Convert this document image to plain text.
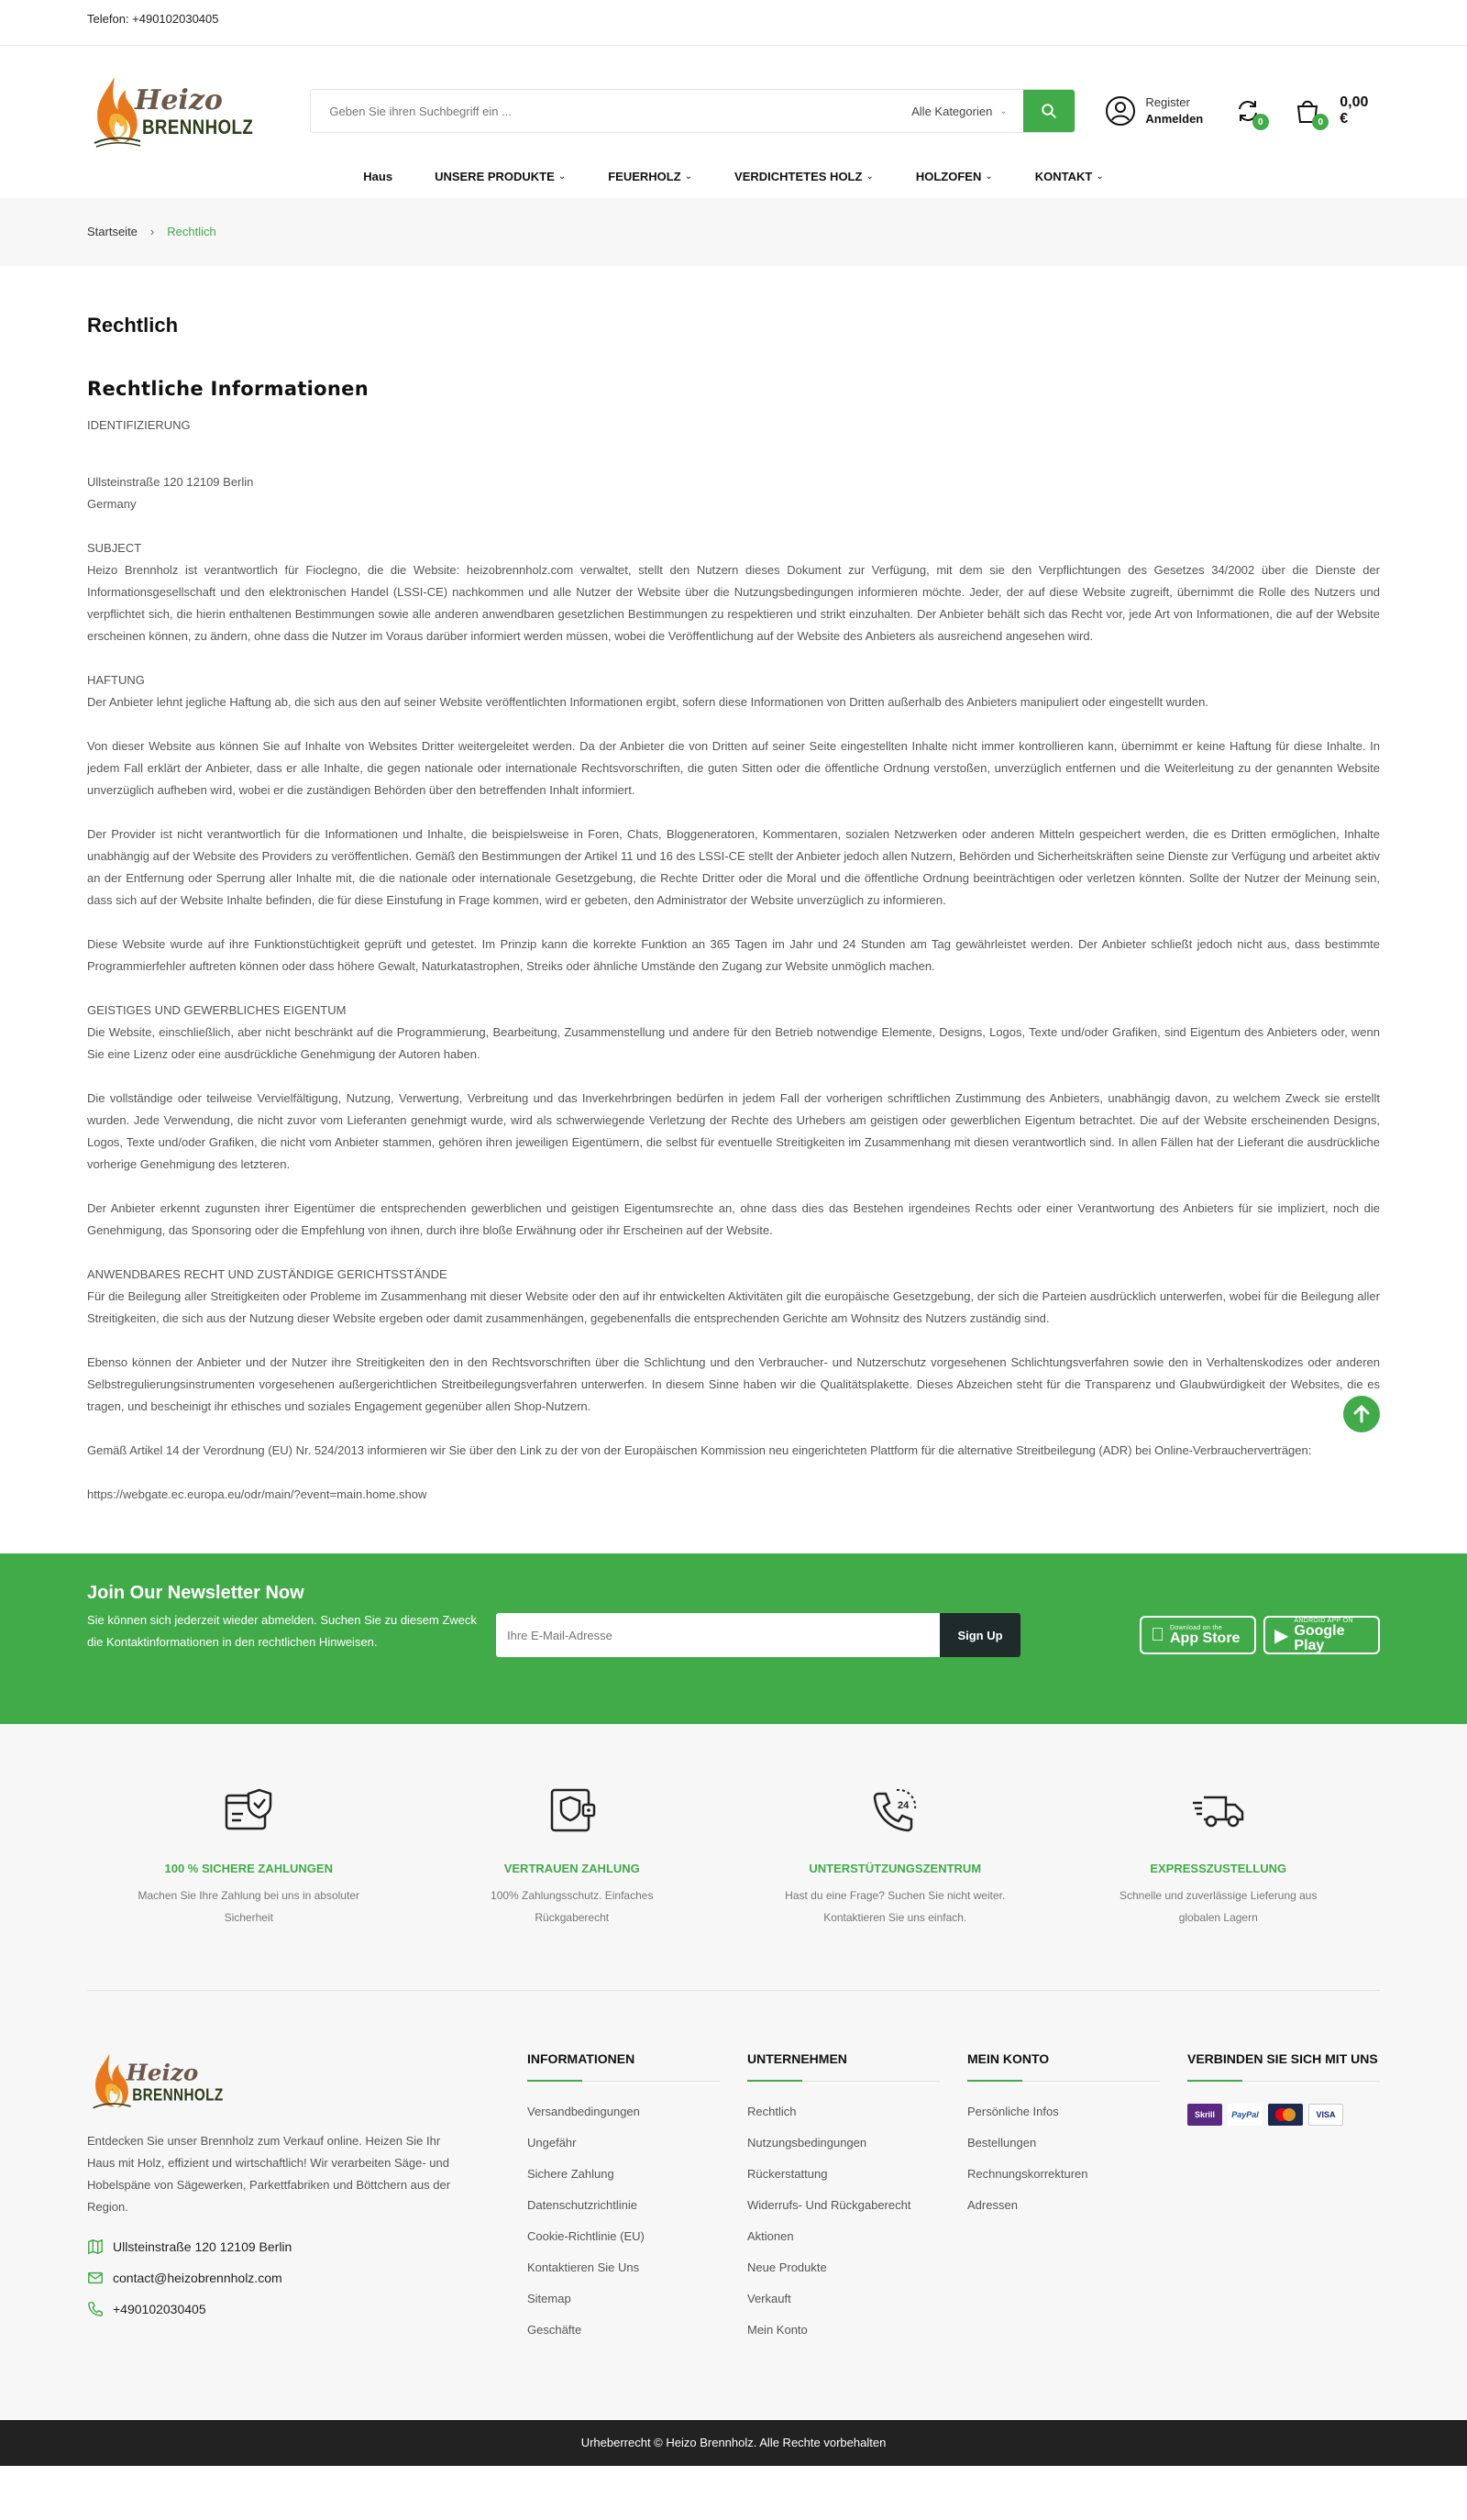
Telefon: +490102030405
Heizo
BRENNHOLZ
Geben Sie ihren Suchbegriff ein ...
Alle Kategorien ⌄
Register
Anmelden	0	0
0,00 €
Haus	UNSERE PRODUKTE ⌄	FEUERHOLZ ⌄	VERDICHTETES HOLZ ⌄	HOLZOFEN ⌄	KONTAKT ⌄
Startseite › Rechtlich
Rechtlich
Rechtliche Informationen
IDENTIFIZIERUNG
Ullsteinstraße 120 12109 Berlin
Germany
SUBJECT
Heizo Brennholz ist verantwortlich für Fioclegno, die die Website: heizobrennholz.com verwaltet, stellt den Nutzern dieses Dokument zur Verfügung, mit dem sie den Verpflichtungen des Gesetzes 34/2002 über die Dienste der Informationsgesellschaft und den elektronischen Handel (LSSI-CE) nachkommen und alle Nutzer der Website über die Nutzungsbedingungen informieren möchte. Jeder, der auf diese Website zugreift, übernimmt die Rolle des Nutzers und verpflichtet sich, die hierin enthaltenen Bestimmungen sowie alle anderen anwendbaren gesetzlichen Bestimmungen zu respektieren und strikt einzuhalten. Der Anbieter behält sich das Recht vor, jede Art von Informationen, die auf der Website erscheinen können, zu ändern, ohne dass die Nutzer im Voraus darüber informiert werden müssen, wobei die Veröffentlichung auf der Website des Anbieters als ausreichend angesehen wird.
HAFTUNG
Der Anbieter lehnt jegliche Haftung ab, die sich aus den auf seiner Website veröffentlichten Informationen ergibt, sofern diese Informationen von Dritten außerhalb des Anbieters manipuliert oder eingestellt wurden.
Von dieser Website aus können Sie auf Inhalte von Websites Dritter weitergeleitet werden. Da der Anbieter die von Dritten auf seiner Seite eingestellten Inhalte nicht immer kontrollieren kann, übernimmt er keine Haftung für diese Inhalte. In jedem Fall erklärt der Anbieter, dass er alle Inhalte, die gegen nationale oder internationale Rechtsvorschriften, die guten Sitten oder die öffentliche Ordnung verstoßen, unverzüglich entfernen und die Weiterleitung zu der genannten Website unverzüglich aufheben wird, wobei er die zuständigen Behörden über den betreffenden Inhalt informiert.
Der Provider ist nicht verantwortlich für die Informationen und Inhalte, die beispielsweise in Foren, Chats, Bloggeneratoren, Kommentaren, sozialen Netzwerken oder anderen Mitteln gespeichert werden, die es Dritten ermöglichen, Inhalte unabhängig auf der Website des Providers zu veröffentlichen. Gemäß den Bestimmungen der Artikel 11 und 16 des LSSI-CE stellt der Anbieter jedoch allen Nutzern, Behörden und Sicherheitskräften seine Dienste zur Verfügung und arbeitet aktiv an der Entfernung oder Sperrung aller Inhalte mit, die die nationale oder internationale Gesetzgebung, die Rechte Dritter oder die Moral und die öffentliche Ordnung beeinträchtigen oder verletzen könnten. Sollte der Nutzer der Meinung sein, dass sich auf der Website Inhalte befinden, die für diese Einstufung in Frage kommen, wird er gebeten, den Administrator der Website unverzüglich zu informieren.
Diese Website wurde auf ihre Funktionstüchtigkeit geprüft und getestet. Im Prinzip kann die korrekte Funktion an 365 Tagen im Jahr und 24 Stunden am Tag gewährleistet werden. Der Anbieter schließt jedoch nicht aus, dass bestimmte Programmierfehler auftreten können oder dass höhere Gewalt, Naturkatastrophen, Streiks oder ähnliche Umstände den Zugang zur Website unmöglich machen.
GEISTIGES UND GEWERBLICHES EIGENTUM
Die Website, einschließlich, aber nicht beschränkt auf die Programmierung, Bearbeitung, Zusammenstellung und andere für den Betrieb notwendige Elemente, Designs, Logos, Texte und/oder Grafiken, sind Eigentum des Anbieters oder, wenn Sie eine Lizenz oder eine ausdrückliche Genehmigung der Autoren haben.
Die vollständige oder teilweise Vervielfältigung, Nutzung, Verwertung, Verbreitung und das Inverkehrbringen bedürfen in jedem Fall der vorherigen schriftlichen Zustimmung des Anbieters, unabhängig davon, zu welchem Zweck sie erstellt wurden. Jede Verwendung, die nicht zuvor vom Lieferanten genehmigt wurde, wird als schwerwiegende Verletzung der Rechte des Urhebers am geistigen oder gewerblichen Eigentum betrachtet. Die auf der Website erscheinenden Designs, Logos, Texte und/oder Grafiken, die nicht vom Anbieter stammen, gehören ihren jeweiligen Eigentümern, die selbst für eventuelle Streitigkeiten im Zusammenhang mit diesen verantwortlich sind. In allen Fällen hat der Lieferant die ausdrückliche vorherige Genehmigung des letzteren.
Der Anbieter erkennt zugunsten ihrer Eigentümer die entsprechenden gewerblichen und geistigen Eigentumsrechte an, ohne dass dies das Bestehen irgendeines Rechts oder einer Verantwortung des Anbieters für sie impliziert, noch die Genehmigung, das Sponsoring oder die Empfehlung von ihnen, durch ihre bloße Erwähnung oder ihr Erscheinen auf der Website.
ANWENDBARES RECHT UND ZUSTÄNDIGE GERICHTSSTÄNDE
Für die Beilegung aller Streitigkeiten oder Probleme im Zusammenhang mit dieser Website oder den auf ihr entwickelten Aktivitäten gilt die europäische Gesetzgebung, der sich die Parteien ausdrücklich unterwerfen, wobei für die Beilegung aller Streitigkeiten, die sich aus der Nutzung dieser Website ergeben oder damit zusammenhängen, gegebenenfalls die entsprechenden Gerichte am Wohnsitz des Nutzers zuständig sind.
Ebenso können der Anbieter und der Nutzer ihre Streitigkeiten den in den Rechtsvorschriften über die Schlichtung und den Verbraucher- und Nutzerschutz vorgesehenen Schlichtungsverfahren sowie den in Verhaltenskodizes oder anderen Selbstregulierungsinstrumenten vorgesehenen außergerichtlichen Streitbeilegungsverfahren unterwerfen. In diesem Sinne haben wir die Qualitätsplakette. Dieses Abzeichen steht für die Transparenz und Glaubwürdigkeit der Websites, die es tragen, und bescheinigt ihr ethisches und soziales Engagement gegenüber allen Shop-Nutzern.
Gemäß Artikel 14 der Verordnung (EU) Nr. 524/2013 informieren wir Sie über den Link zu der von der Europäischen Kommission neu eingerichteten Plattform für die alternative Streitbeilegung (ADR) bei Online-Verbraucherverträgen:
https://webgate.ec.europa.eu/odr/main/?event=main.home.show
Join Our Newsletter Now

Sie können sich jederzeit wieder abmelden. Suchen Sie zu diesem Zweck die Kontaktinformationen in den rechtlichen Hinweisen.

Ihre E-Mail-Adresse	Sign Up
Download on the
App Store	▶
ANDROID APP ON
Google Play
100 % SICHERE ZAHLUNGEN

Machen Sie Ihre Zahlung bei uns in absoluter Sicherheit

VERTRAUEN ZAHLUNG

100% Zahlungsschutz. Einfaches Rückgaberecht

24
UNTERSTÜTZUNGSZENTRUM

Hast du eine Frage? Suchen Sie nicht weiter. Kontaktieren Sie uns einfach.

EXPRESSZUSTELLUNG

Schnelle und zuverlässige Lieferung aus globalen Lagern

Heizo
BRENNHOLZ

Entdecken Sie unser Brennholz zum Verkauf online. Heizen Sie Ihr Haus mit Holz, effizient und wirtschaftlich! Wir verarbeiten Säge- und Hobelspäne von Sägewerken, Parkettfabriken und Böttchern aus der Region.

Ullsteinstraße 120 12109 Berlin
contact@heizobrennholz.com
+490102030405
INFORMATIONEN
Versandbedingungen
Ungefähr
Sichere Zahlung
Datenschutzrichtlinie
Cookie-Richtlinie (EU)
Kontaktieren Sie Uns
Sitemap
Geschäfte
UNTERNEHMEN
Rechtlich
Nutzungsbedingungen
Rückerstattung
Widerrufs- Und Rückgaberecht
Aktionen
Neue Produkte
Verkauft
Mein Konto
MEIN KONTO
Persönliche Infos
Bestellungen
Rechnungskorrekturen
Adressen
VERBINDEN SIE SICH MIT UNS
Skrill	PayPal	VISA
Urheberrecht © Heizo Brennholz. Alle Rechte vorbehalten
